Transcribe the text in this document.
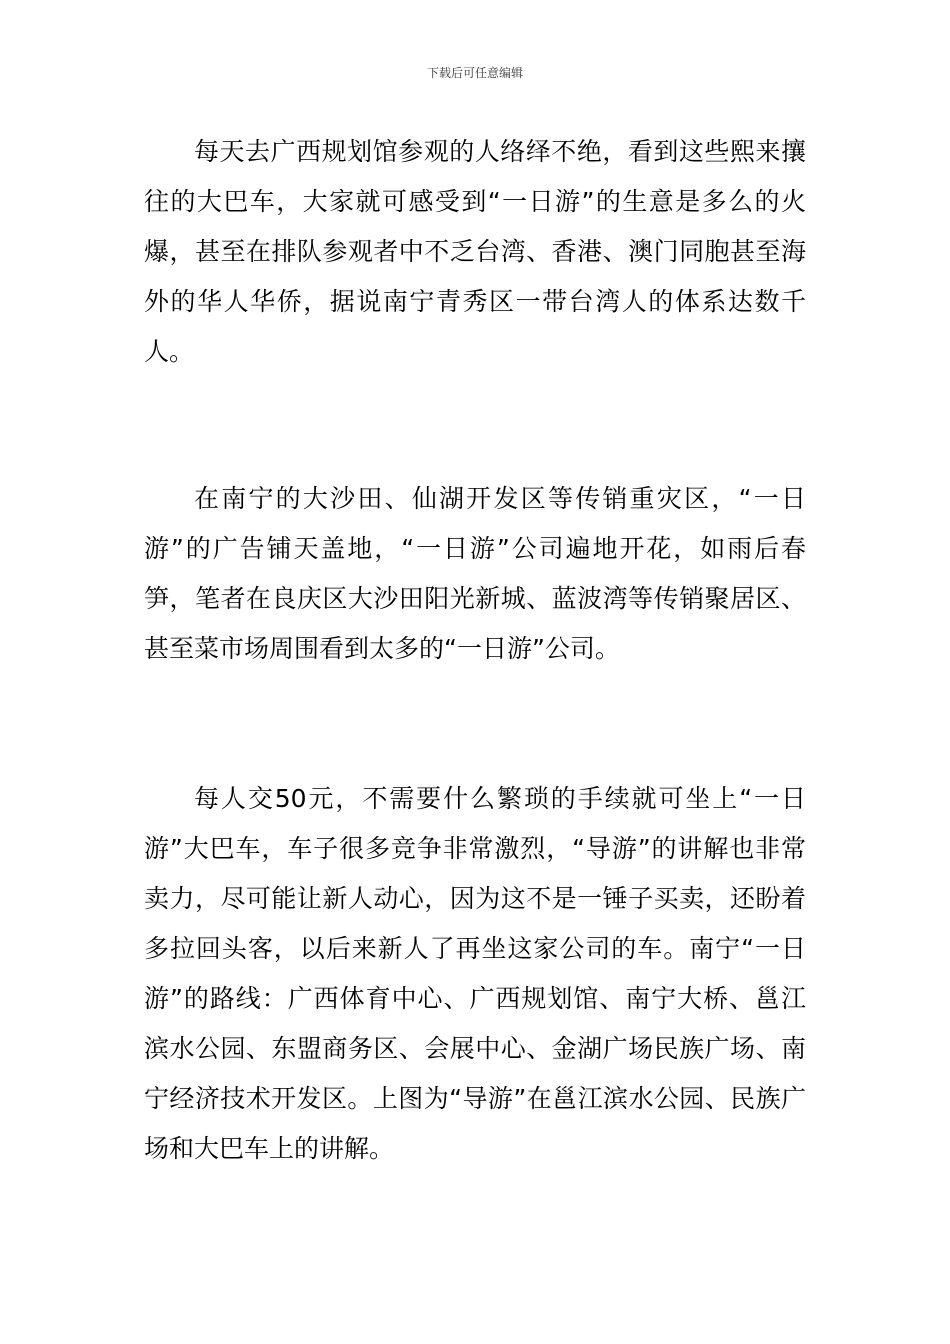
下载后可任意编辑

每天去广西规划馆参观的人络绎不绝，看到这些熙来攘往的大巴车，大家就可感受到“一日游”的生意是多么的火爆，甚至在排队参观者中不乏台湾、香港、澳门同胞甚至海外的华人华侨，据说南宁青秀区一带台湾人的体系达数千人。

在南宁的大沙田、仙湖开发区等传销重灾区，“一日游”的广告铺天盖地，“一日游”公司遍地开花，如雨后春笋，笔者在良庆区大沙田阳光新城、蓝波湾等传销聚居区、甚至菜市场周围看到太多的“一日游”公司。

每人交50元，不需要什么繁琐的手续就可坐上“一日游”大巴车，车子很多竞争非常激烈，“导游”的讲解也非常卖力，尽可能让新人动心，因为这不是一锤子买卖，还盼着多拉回头客，以后来新人了再坐这家公司的车。南宁“一日游”的路线：广西体育中心、广西规划馆、南宁大桥、邕江滨水公园、东盟商务区、会展中心、金湖广场民族广场、南宁经济技术开发区。上图为“导游”在邕江滨水公园、民族广场和大巴车上的讲解。
